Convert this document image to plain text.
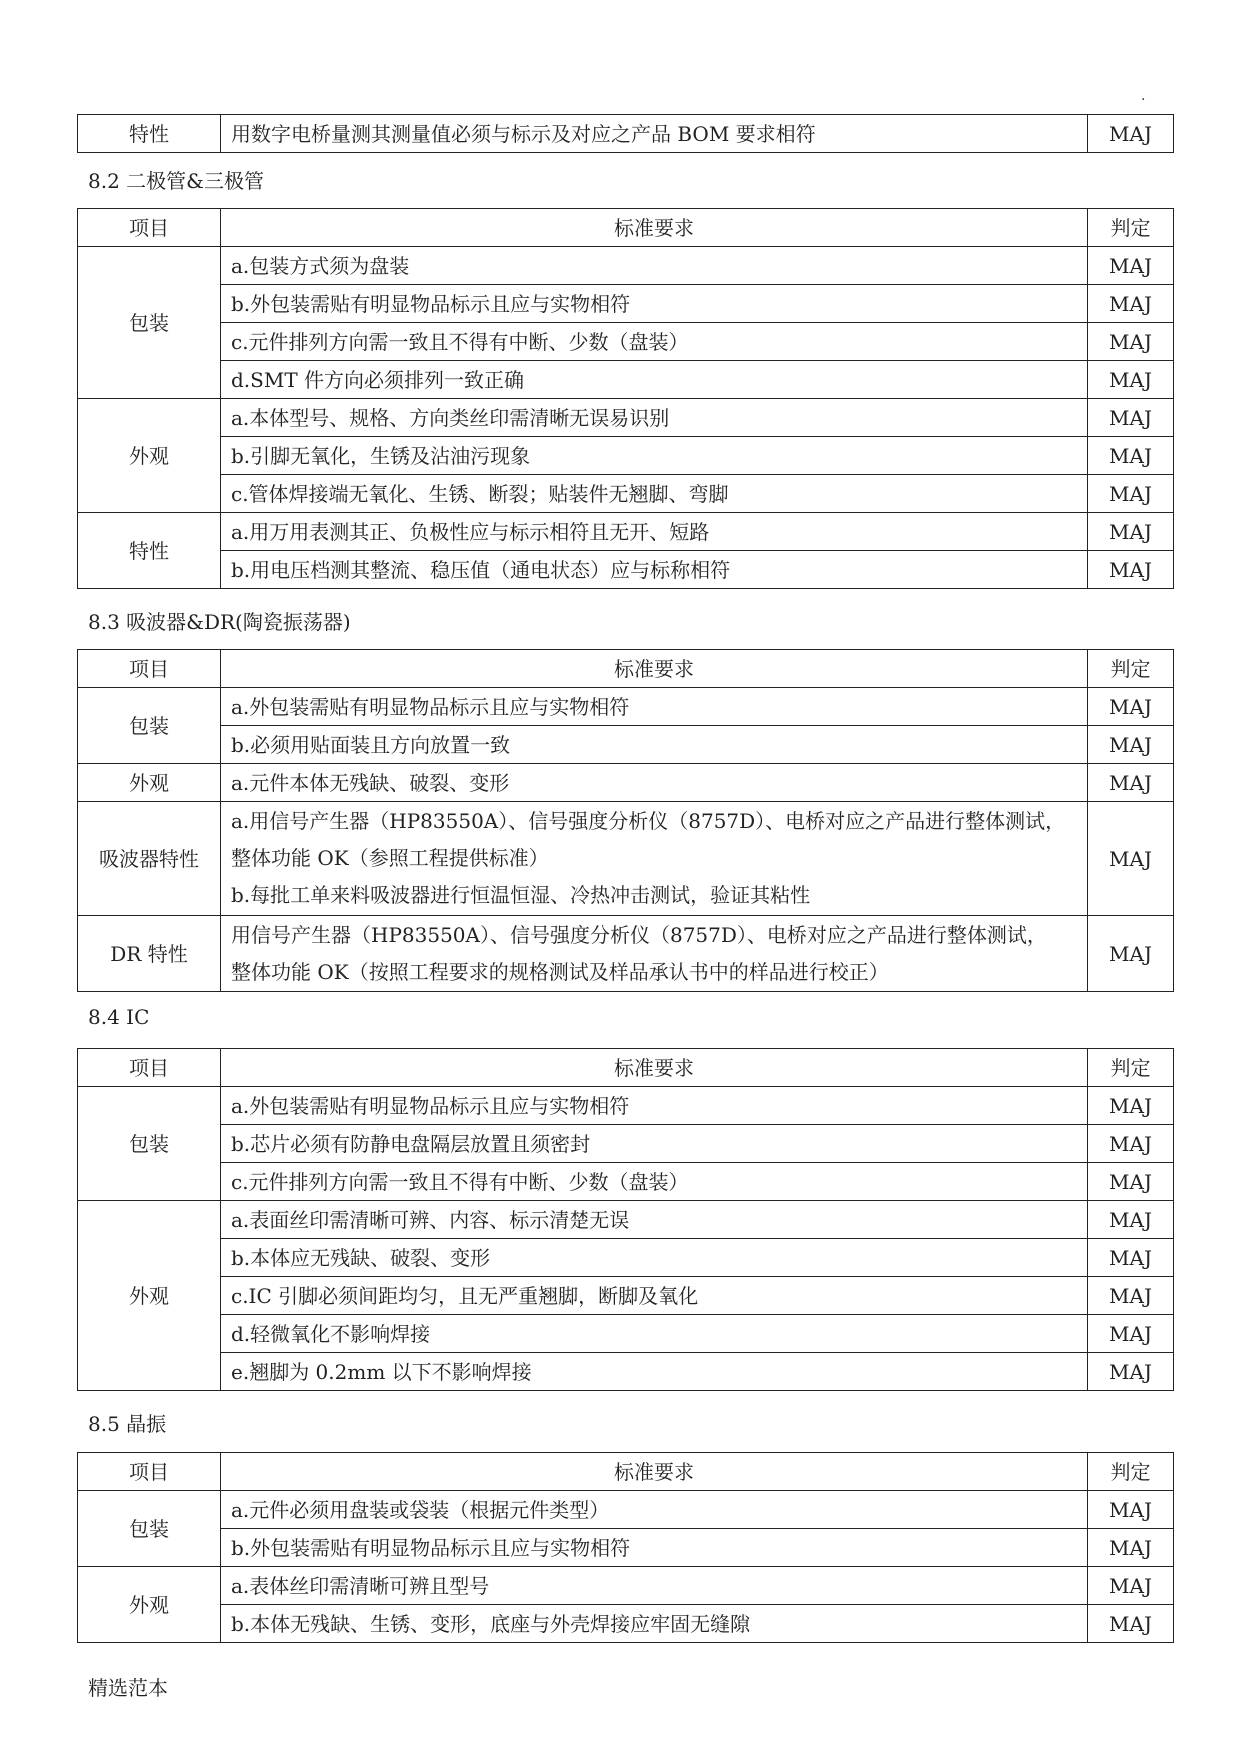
.
特性	用数字电桥量测其测量值必须与标示及对应之产品 BOM 要求相符	MAJ
8.2 二极管&三极管
项目	标准要求	判定
包装	a.包装方式须为盘装	MAJ
	b.外包装需贴有明显物品标示且应与实物相符	MAJ
	c.元件排列方向需一致且不得有中断、少数（盘装）	MAJ
	d.SMT 件方向必须排列一致正确	MAJ
外观	a.本体型号、规格、方向类丝印需清晰无误易识别	MAJ
	b.引脚无氧化，生锈及沾油污现象	MAJ
	c.管体焊接端无氧化、生锈、断裂；贴装件无翘脚、弯脚	MAJ
特性	a.用万用表测其正、负极性应与标示相符且无开、短路	MAJ
	b.用电压档测其整流、稳压值（通电状态）应与标称相符	MAJ
8.3 吸波器&DR(陶瓷振荡器)
项目	标准要求	判定
包装	a.外包装需贴有明显物品标示且应与实物相符	MAJ
	b.必须用贴面装且方向放置一致	MAJ
外观	a.元件本体无残缺、破裂、变形	MAJ
吸波器特性	a.用信号产生器（HP83550A）、信号强度分析仪（8757D）、电桥对应之产品进行整体测试，
整体功能 OK（参照工程提供标准）
b.每批工单来料吸波器进行恒温恒湿、冷热冲击测试，验证其粘性	MAJ
DR 特性	用信号产生器（HP83550A）、信号强度分析仪（8757D）、电桥对应之产品进行整体测试，
整体功能 OK（按照工程要求的规格测试及样品承认书中的样品进行校正）	MAJ
8.4 IC
项目	标准要求	判定
包装	a.外包装需贴有明显物品标示且应与实物相符	MAJ
	b.芯片必须有防静电盘隔层放置且须密封	MAJ
	c.元件排列方向需一致且不得有中断、少数（盘装）	MAJ
外观	a.表面丝印需清晰可辨、内容、标示清楚无误	MAJ
	b.本体应无残缺、破裂、变形	MAJ
	c.IC 引脚必须间距均匀，且无严重翘脚，断脚及氧化	MAJ
	d.轻微氧化不影响焊接	MAJ
	e.翘脚为 0.2mm 以下不影响焊接	MAJ
8.5 晶振
项目	标准要求	判定
包装	a.元件必须用盘装或袋装（根据元件类型）	MAJ
	b.外包装需贴有明显物品标示且应与实物相符	MAJ
外观	a.表体丝印需清晰可辨且型号	MAJ
	b.本体无残缺、生锈、变形，底座与外壳焊接应牢固无缝隙	MAJ
精选范本
